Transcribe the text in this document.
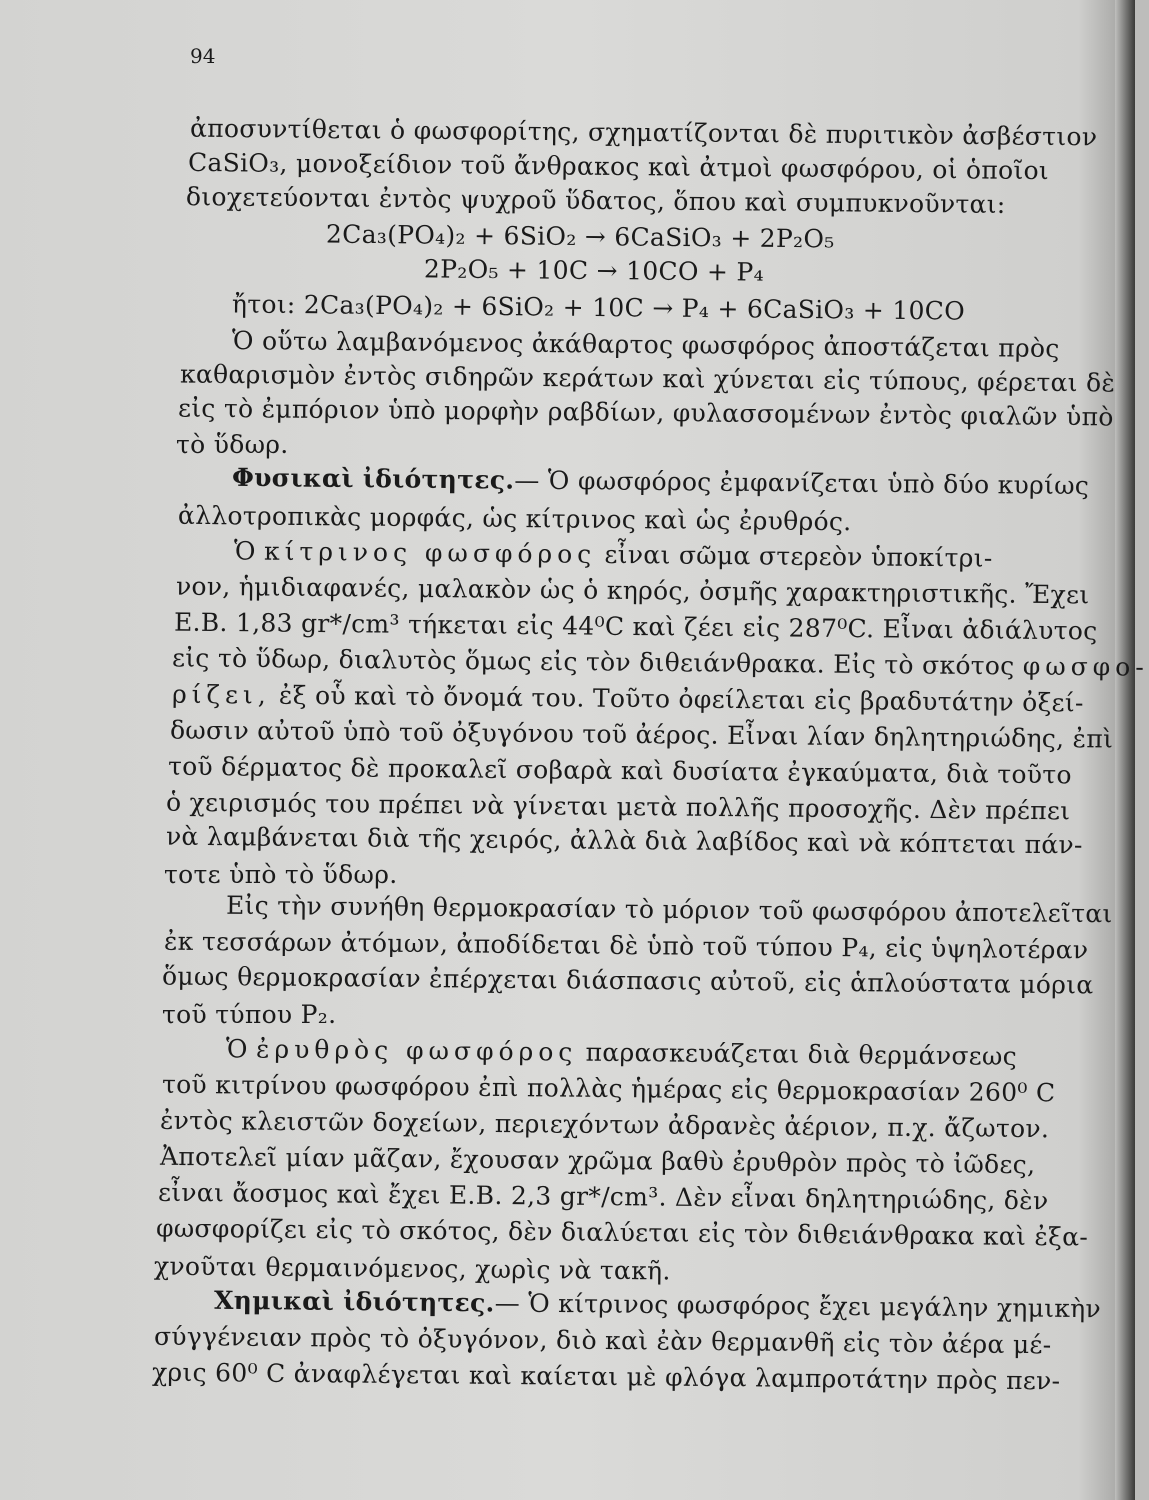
94
ἀποσυντίθεται ὁ φωσφορίτης, σχηματίζονται δὲ πυριτικὸν ἀσβέστιον
CaSiO₃, μονοξείδιον τοῦ ἄνθρακος καὶ ἀτμοὶ φωσφόρου, οἱ ὁποῖοι
διοχετεύονται ἐντὸς ψυχροῦ ὕδατος, ὅπου καὶ συμπυκνοῦνται:
2Ca₃(PO₄)₂ + 6SiO₂ → 6CaSiO₃ + 2P₂O₅
2P₂O₅ + 10C → 10CO + P₄
ἤτοι: 2Ca₃(PO₄)₂ + 6SiO₂ + 10C → P₄ + 6CaSiO₃ + 10CO
Ὁ οὕτω λαμβανόμενος ἀκάθαρτος φωσφόρος ἀποστάζεται πρὸς
καθαρισμὸν ἐντὸς σιδηρῶν κεράτων καὶ χύνεται εἰς τύπους, φέρεται δὲ
εἰς τὸ ἐμπόριον ὑπὸ μορφὴν ραβδίων, φυλασσομένων ἐντὸς φιαλῶν ὑπὸ
τὸ ὕδωρ.
Φυσικαὶ ἰδιότητες.— Ὁ φωσφόρος ἐμφανίζεται ὑπὸ δύο κυρίως
ἀλλοτροπικὰς μορφάς, ὡς κίτρινος καὶ ὡς ἐρυθρός.
Ὁ κίτρινος φωσφόρος εἶναι σῶμα στερεὸν ὑποκίτρι-
νον, ἡμιδιαφανές, μαλακὸν ὡς ὁ κηρός, ὀσμῆς χαρακτηριστικῆς. Ἔχει
Ε.Β. 1,83 gr*/cm³ τήκεται εἰς 44⁰C καὶ ζέει εἰς 287⁰C. Εἶναι ἀδιάλυτος
εἰς τὸ ὕδωρ, διαλυτὸς ὅμως εἰς τὸν διθειάνθρακα. Εἰς τὸ σκότος φωσφο-
ρίζει, ἐξ οὗ καὶ τὸ ὄνομά του. Τοῦτο ὀφείλεται εἰς βραδυτάτην ὀξεί-
δωσιν αὐτοῦ ὑπὸ τοῦ ὀξυγόνου τοῦ ἀέρος. Εἶναι λίαν δηλητηριώδης, ἐπὶ
τοῦ δέρματος δὲ προκαλεῖ σοβαρὰ καὶ δυσίατα ἐγκαύματα, διὰ τοῦτο
ὁ χειρισμός του πρέπει νὰ γίνεται μετὰ πολλῆς προσοχῆς. Δὲν πρέπει
νὰ λαμβάνεται διὰ τῆς χειρός, ἀλλὰ διὰ λαβίδος καὶ νὰ κόπτεται πάν-
τοτε ὑπὸ τὸ ὕδωρ.
Εἰς τὴν συνήθη θερμοκρασίαν τὸ μόριον τοῦ φωσφόρου ἀποτελεῖται
ἐκ τεσσάρων ἀτόμων, ἀποδίδεται δὲ ὑπὸ τοῦ τύπου P₄, εἰς ὑψηλοτέραν
ὅμως θερμοκρασίαν ἐπέρχεται διάσπασις αὐτοῦ, εἰς ἁπλούστατα μόρια
τοῦ τύπου P₂.
Ὁ ἐρυθρὸς φωσφόρος παρασκευάζεται διὰ θερμάνσεως
τοῦ κιτρίνου φωσφόρου ἐπὶ πολλὰς ἡμέρας εἰς θερμοκρασίαν 260⁰ C
ἐντὸς κλειστῶν δοχείων, περιεχόντων ἀδρανὲς ἀέριον, π.χ. ἄζωτον.
Ἀποτελεῖ μίαν μᾶζαν, ἔχουσαν χρῶμα βαθὺ ἐρυθρὸν πρὸς τὸ ἰῶδες,
εἶναι ἄοσμος καὶ ἔχει Ε.Β. 2,3 gr*/cm³. Δὲν εἶναι δηλητηριώδης, δὲν
φωσφορίζει εἰς τὸ σκότος, δὲν διαλύεται εἰς τὸν διθειάνθρακα καὶ ἐξα-
χνοῦται θερμαινόμενος, χωρὶς νὰ τακῆ.
Χημικαὶ ἰδιότητες.— Ὁ κίτρινος φωσφόρος ἔχει μεγάλην χημικὴν
σύγγένειαν πρὸς τὸ ὀξυγόνον, διὸ καὶ ἐὰν θερμανθῆ εἰς τὸν ἀέρα μέ-
χρις 60⁰ C ἀναφλέγεται καὶ καίεται μὲ φλόγα λαμπροτάτην πρὸς πεν-
